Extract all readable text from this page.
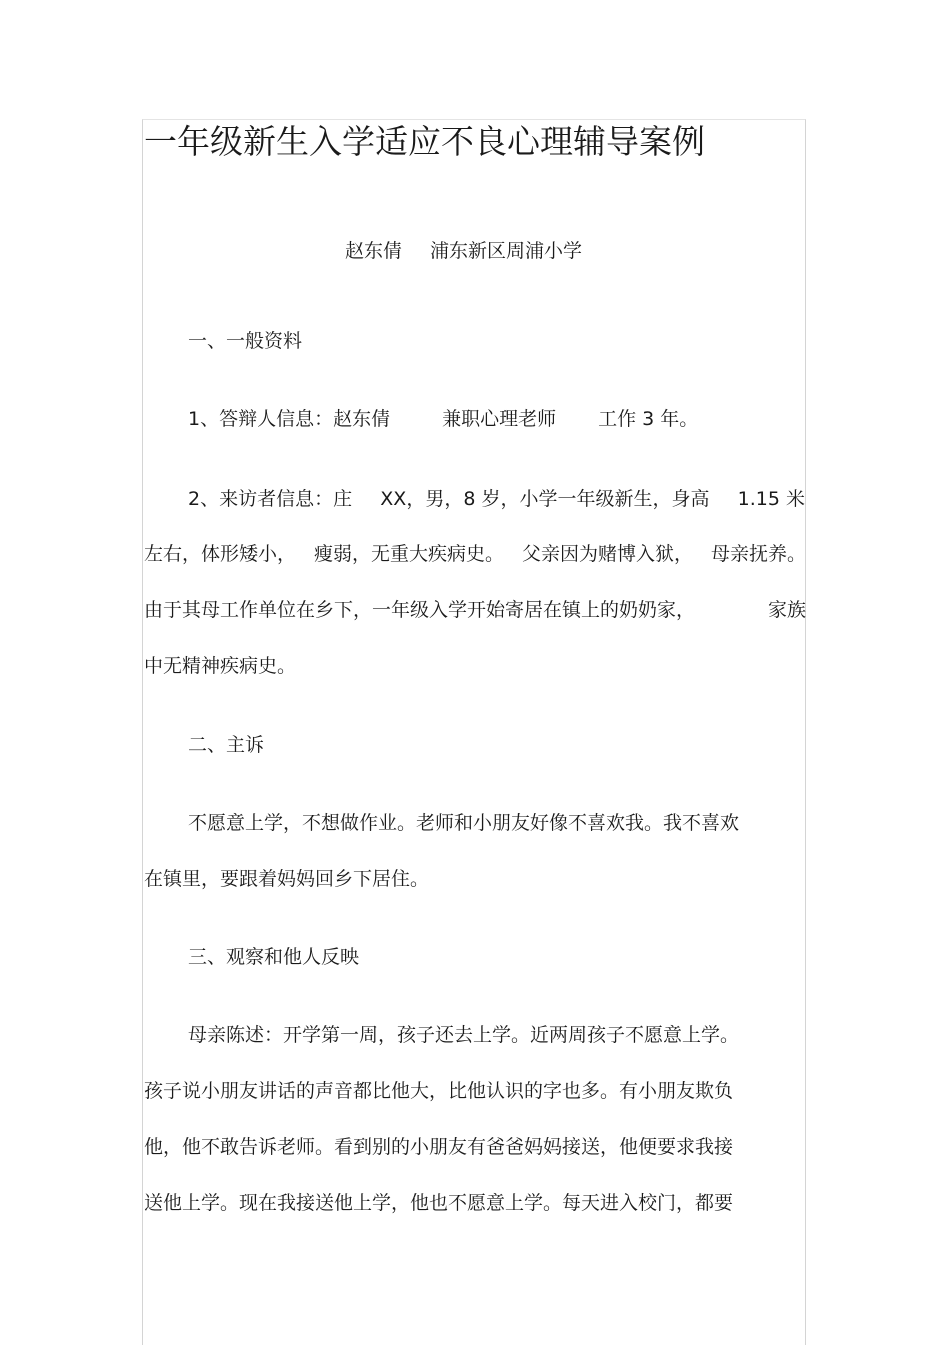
一年级新生入学适应不良心理辅导案例
赵东倩 浦东新区周浦小学
一、一般资料
1、答辩人信息：赵东倩	兼职心理老师 工作 3 年。
2、来访者信息：庄 XX，男，8 岁，小学一年级新生，身高 1.15 米
左右，体形矮小， 瘦弱，无重大疾病史。 父亲因为赌博入狱， 母亲抚养。
由于其母工作单位在乡下，一年级入学开始寄居在镇上的奶奶家，	家族
中无精神疾病史。
二、主诉
不愿意上学，不想做作业。老师和小朋友好像不喜欢我。我不喜欢
在镇里，要跟着妈妈回乡下居住。
三、观察和他人反映
母亲陈述：开学第一周，孩子还去上学。近两周孩子不愿意上学。
孩子说小朋友讲话的声音都比他大，比他认识的字也多。有小朋友欺负
他，他不敢告诉老师。看到别的小朋友有爸爸妈妈接送，他便要求我接
送他上学。现在我接送他上学，他也不愿意上学。每天进入校门，都要
